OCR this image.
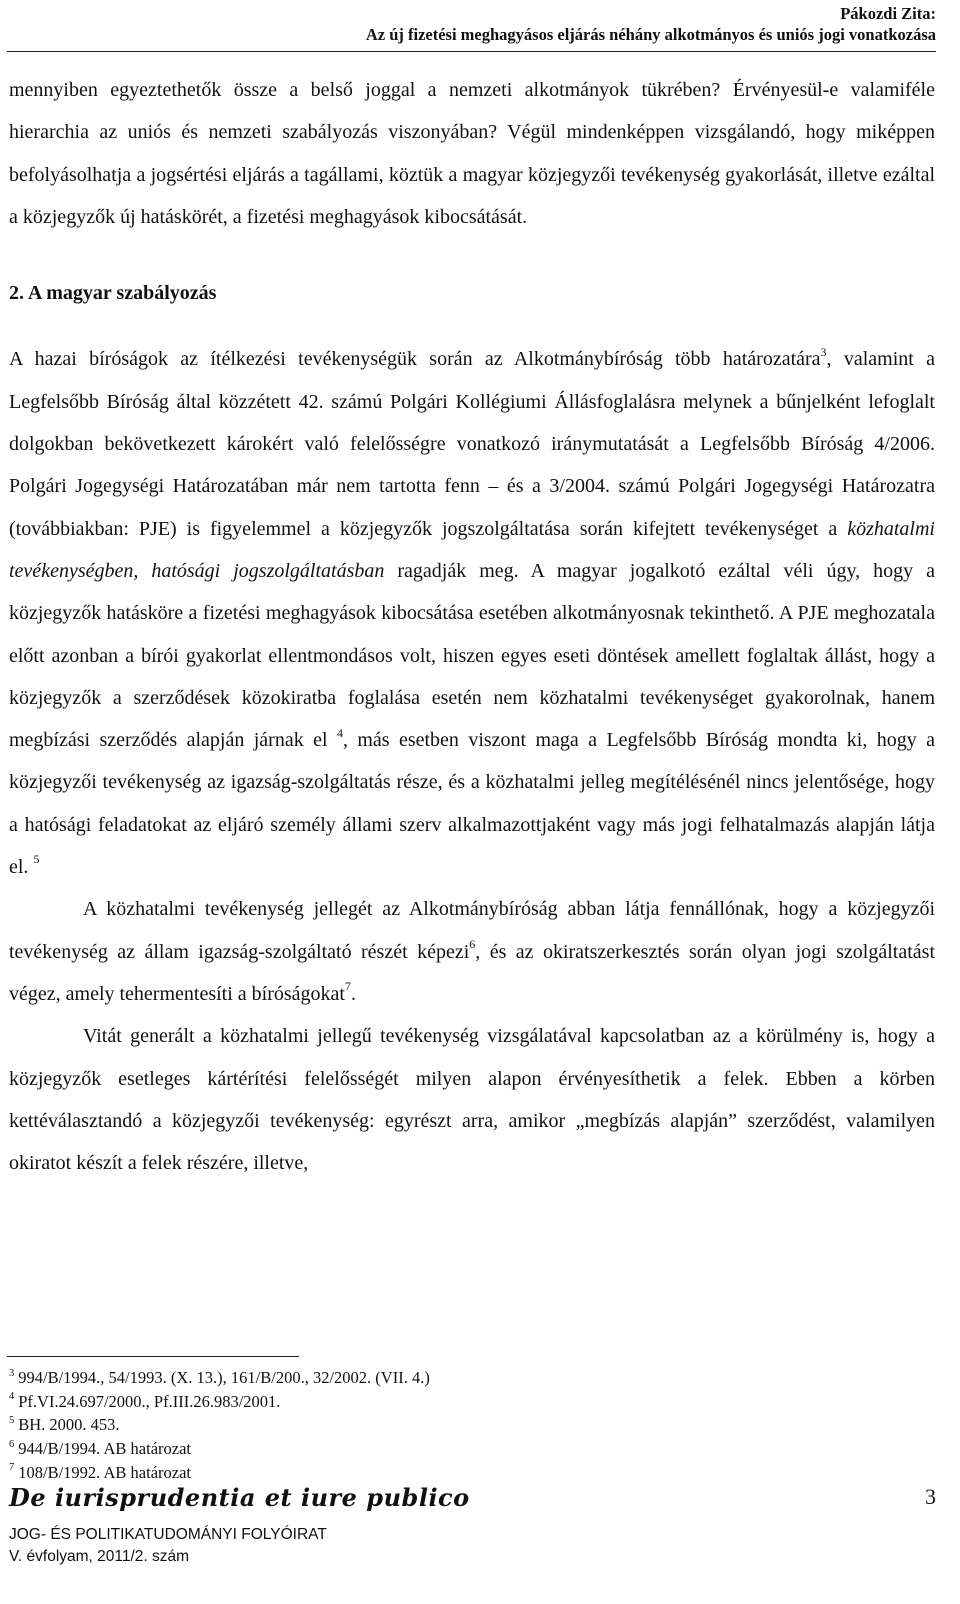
Pákozdi Zita:
Az új fizetési meghagyásos eljárás néhány alkotmányos és uniós jogi vonatkozása

mennyiben egyeztethetők össze a belső joggal a nemzeti alkotmányok tükrében? Érvényesül-e valamiféle hierarchia az uniós és nemzeti szabályozás viszonyában? Végül mindenképpen vizsgálandó, hogy miképpen befolyásolhatja a jogsértési eljárás a tagállami, köztük a magyar közjegyzői tevékenység gyakorlását, illetve ezáltal a közjegyzők új hatáskörét, a fizetési meghagyások kibocsátását.

2. A magyar szabályozás

A hazai bíróságok az ítélkezési tevékenységük során az Alkotmánybíróság több határozatára$^3$, valamint a Legfelsőbb Bíróság által közzétett 42. számú Polgári Kollégiumi Állásfoglalásra melynek a bűnjelként lefoglalt dolgokban bekövetkezett károkért való felelősségre vonatkozó iránymutatását a Legfelsőbb Bíróság 4/2006. Polgári Jogegységi Határozatában már nem tartotta fenn – és a 3/2004. számú Polgári Jogegységi Határozatra (továbbiakban: PJE) is figyelemmel a közjegyzők jogszolgáltatása során kifejtett tevékenységet a közhatalmi tevékenységben, hatósági jogszolgáltatásban ragadják meg. A magyar jogalkotó ezáltal véli úgy, hogy a közjegyzők hatásköre a fizetési meghagyások kibocsátása esetében alkotmányosnak tekinthető. A PJE meghozatala előtt azonban a bírói gyakorlat ellentmondásos volt, hiszen egyes eseti döntések amellett foglaltak állást, hogy a közjegyzők a szerződések közokiratba foglalása esetén nem közhatalmi tevékenységet gyakorolnak, hanem megbízási szerződés alapján járnak el $^4$, más esetben viszont maga a Legfelsőbb Bíróság mondta ki, hogy a közjegyzői tevékenység az igazság-szolgáltatás része, és a közhatalmi jelleg megítélésénél nincs jelentősége, hogy a hatósági feladatokat az eljáró személy állami szerv alkalmazottjaként vagy más jogi felhatalmazás alapján látja el. $^5$

A közhatalmi tevékenység jellegét az Alkotmánybíróság abban látja fennállónak, hogy a közjegyzői tevékenység az állam igazság-szolgáltató részét képezi$^6$, és az okiratszerkesztés során olyan jogi szolgáltatást végez, amely tehermentesíti a bíróságokat$^7$.

Vitát generált a közhatalmi jellegű tevékenység vizsgálatával kapcsolatban az a körülmény is, hogy a közjegyzők esetleges kártérítési felelősségét milyen alapon érvényesíthetik a felek. Ebben a körben kettéválasztandó a közjegyzői tevékenység: egyrészt arra, amikor „megbízás alapján” szerződést, valamilyen okiratot készít a felek részére, illetve,

$^3$ 994/B/1994., 54/1993. (X. 13.), 161/B/200., 32/2002. (VII. 4.)
$^4$ Pf.VI.24.697/2000., Pf.III.26.983/2001.
$^5$ BH. 2000. 453.
$^6$ 944/B/1994. AB határozat
$^7$ 108/B/1992. AB határozat
De iurisprudentia et iure publico	3
JOG- ÉS POLITIKATUDOMÁNYI FOLYÓIRAT
V. évfolyam, 2011/2. szám
